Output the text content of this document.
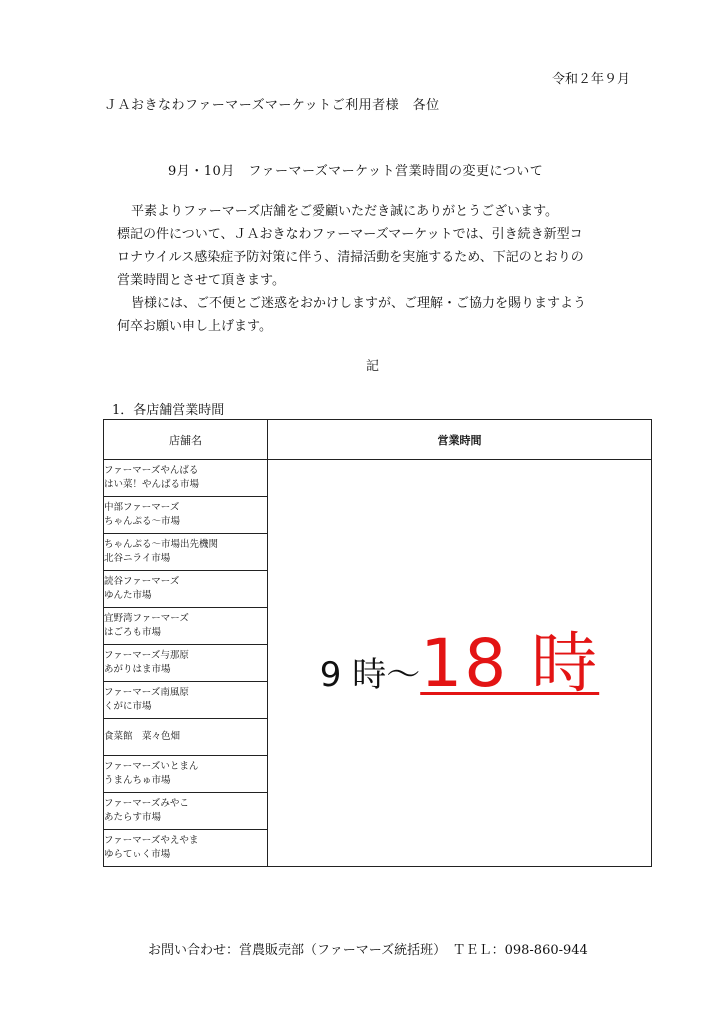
令和２年９月
ＪＡおきなわファーマーズマーケットご利用者様　各位
9月・10月　ファーマーズマーケット営業時間の変更について

平素よりファーマーズ店舗をご愛顧いただき誠にありがとうございます。

標記の件について、ＪＡおきなわファーマーズマーケットでは、引き続き新型コ
ロナウイルス感染症予防対策に伴う、清掃活動を実施するため、下記のとおりの
営業時間とさせて頂きます。

皆様には、ご不便とご迷惑をおかけしますが、ご理解・ご協力を賜りますよう

何卒お願い申し上げます。

記
1．各店舗営業時間
店舗名	営業時間

ファーマーズやんばる
はい菜！やんばる市場	9 時～18 時

中部ファーマーズ
ちゃんぷる～市場	

ちゃんぷる～市場出先機関
北谷ニライ市場	

読谷ファーマーズ
ゆんた市場	

宜野湾ファーマーズ
はごろも市場	

ファーマーズ与那原
あがりはま市場	

ファーマーズ南風原
くがに市場	

食菜館　菜々色畑	

ファーマーズいとまん
うまんちゅ市場	

ファーマーズみやこ
あたらす市場	

ファーマーズやえやま
ゆらてぃく市場	
お問い合わせ：営農販売部（ファーマーズ統括班）　ＴＥＬ：098-860-944
